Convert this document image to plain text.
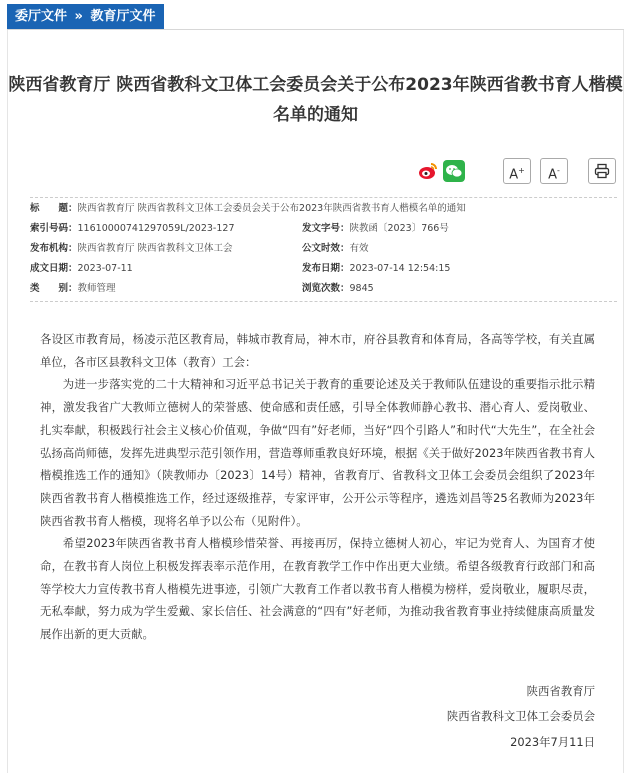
委厅文件 » 教育厅文件
陕西省教育厅 陕西省教科文卫体工会委员会关于公布2023年陕西省教书育人楷模名单的通知
A+	A-
标　　题：陕西省教育厅 陕西省教科文卫体工会委员会关于公布2023年陕西省教书育人楷模名单的通知
索引号码：11610000741297059L/2023-127	发文字号：陕教函〔2023〕766号
发布机构：陕西省教育厅 陕西省教科文卫体工会	公文时效：有效
成文日期：2023-07-11	发布日期：2023-07-14 12:54:15
类　　别：教师管理	浏览次数：9845

各设区市教育局，杨凌示范区教育局，韩城市教育局，神木市，府谷县教育和体育局，各高等学校，有关直属单位，各市区县教科文卫体（教育）工会：

为进一步落实党的二十大精神和习近平总书记关于教育的重要论述及关于教师队伍建设的重要指示批示精神，激发我省广大教师立德树人的荣誉感、使命感和责任感，引导全体教师静心教书、潜心育人、爱岗敬业、扎实奉献，积极践行社会主义核心价值观，争做“四有”好老师，当好“四个引路人”和时代“大先生”，在全社会弘扬高尚师德，发挥先进典型示范引领作用，营造尊师重教良好环境，根据《关于做好2023年陕西省教书育人楷模推选工作的通知》（陕教师办〔2023〕14号）精神，省教育厅、省教科文卫体工会委员会组织了2023年陕西省教书育人楷模推选工作，经过逐级推荐，专家评审，公开公示等程序，遴选刘昌等25名教师为2023年陕西省教书育人楷模，现将名单予以公布（见附件）。

希望2023年陕西省教书育人楷模珍惜荣誉、再接再厉，保持立德树人初心，牢记为党育人、为国育才使命，在教书育人岗位上积极发挥表率示范作用，在教育教学工作中作出更大业绩。希望各级教育行政部门和高等学校大力宣传教书育人楷模先进事迹，引领广大教育工作者以教书育人楷模为榜样，爱岗敬业，履职尽责，无私奉献，努力成为学生爱戴、家长信任、社会满意的“四有”好老师，为推动我省教育事业持续健康高质量发展作出新的更大贡献。

陕西省教育厅
陕西省教科文卫体工会委员会
2023年7月11日
